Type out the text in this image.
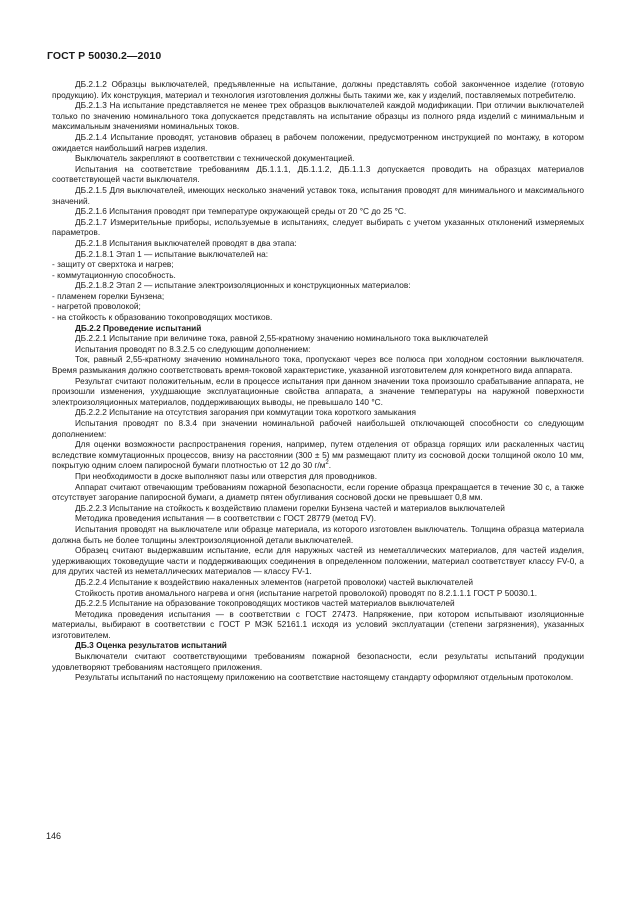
ГОСТ Р 50030.2—2010

ДБ.2.1.2 Образцы выключателей, предъявленные на испытание, должны представлять собой законченное изделие (готовую продукцию). Их конструкция, материал и технология изготовления должны быть такими же, как у изделий, поставляемых потребителю.

ДБ.2.1.3 На испытание представляется не менее трех образцов выключателей каждой модификации. При отличии выключателей только по значению номинального тока допускается представлять на испытание образцы из полного ряда изделий с минимальным и максимальным значениями номинальных токов.

ДБ.2.1.4 Испытание проводят, установив образец в рабочем положении, предусмотренном инструкцией по монтажу, в котором ожидается наибольший нагрев изделия.

Выключатель закрепляют в соответствии с технической документацией.

Испытания на соответствие требованиям ДБ.1.1.1, ДБ.1.1.2, ДБ.1.1.3 допускается проводить на образцах материалов соответствующей части выключателя.

ДБ.2.1.5 Для выключателей, имеющих несколько значений уставок тока, испытания проводят для минимального и максимального значений.

ДБ.2.1.6 Испытания проводят при температуре окружающей среды от 20 °С до 25 °С.

ДБ.2.1.7 Измерительные приборы, используемые в испытаниях, следует выбирать с учетом указанных отклонений измеряемых параметров.

ДБ.2.1.8 Испытания выключателей проводят в два этапа:

ДБ.2.1.8.1 Этап 1 — испытание выключателей на:

- защиту от сверхтока и нагрев;

- коммутационную способность.

ДБ.2.1.8.2 Этап 2 — испытание электроизоляционных и конструкционных материалов:

- пламенем горелки Бунзена;

- нагретой проволокой;

- на стойкость к образованию токопроводящих мостиков.

ДБ.2.2 Проведение испытаний

ДБ.2.2.1 Испытание при величине тока, равной 2,55-кратному значению номинального тока выключателей

Испытания проводят по 8.3.2.5 со следующим дополнением:

Ток, равный 2,55-кратному значению номинального тока, пропускают через все полюса при холодном состоянии выключателя. Время размыкания должно соответствовать время-токовой характеристике, указанной изготовителем для конкретного вида аппарата.

Результат считают положительным, если в процессе испытания при данном значении тока произошло срабатывание аппарата, не произошли изменения, ухудшающие эксплуатационные свойства аппарата, а значение температуры на наружной поверхности электроизоляционных материалов, поддерживающих выводы, не превышало 140 °С.

ДБ.2.2.2 Испытание на отсутствия загорания при коммутации тока короткого замыкания

Испытания проводят по 8.3.4 при значении номинальной рабочей наибольшей отключающей способности со следующим дополнением:

Для оценки возможности распространения горения, например, путем отделения от образца горящих или раскаленных частиц вследствие коммутационных процессов, внизу на расстоянии (300 ± 5) мм размещают плиту из сосновой доски толщиной около 10 мм, покрытую одним слоем папиросной бумаги плотностью от 12 до 30 $г/м^2$.

При необходимости в доске выполняют пазы или отверстия для проводников.

Аппарат считают отвечающим требованиям пожарной безопасности, если горение образца прекращается в течение 30 с, а также отсутствует загорание папиросной бумаги, а диаметр пятен обугливания сосновой доски не превышает 0,8 мм.

ДБ.2.2.3 Испытание на стойкость к воздействию пламени горелки Бунзена частей и материалов выключателей

Методика проведения испытания — в соответствии с ГОСТ 28779 (метод FV).

Испытания проводят на выключателе или образце материала, из которого изготовлен выключатель. Толщина образца материала должна быть не более толщины электроизоляционной детали выключателей.

Образец считают выдержавшим испытание, если для наружных частей из неметаллических материалов, для частей изделия, удерживающих токоведущие части и поддерживающих соединения в определенном положении, материал соответствует классу FV-0, а для других частей из неметаллических материалов — классу FV-1.

ДБ.2.2.4 Испытание к воздействию накаленных элементов (нагретой проволоки) частей выключателей

Стойкость против аномального нагрева и огня (испытание нагретой проволокой) проводят по 8.2.1.1.1 ГОСТ Р 50030.1.

ДБ.2.2.5 Испытание на образование токопроводящих мостиков частей материалов выключателей

Методика проведения испытания — в соответствии с ГОСТ 27473. Напряжение, при котором испытывают изоляционные материалы, выбирают в соответствии с ГОСТ Р МЭК 52161.1 исходя из условий эксплуатации (степени загрязнения), указанных изготовителем.

ДБ.3 Оценка результатов испытаний

Выключатели считают соответствующими требованиям пожарной безопасности, если результаты испытаний продукции удовлетворяют требованиям настоящего приложения.

Результаты испытаний по настоящему приложению на соответствие настоящему стандарту оформляют отдельным протоколом.

146
